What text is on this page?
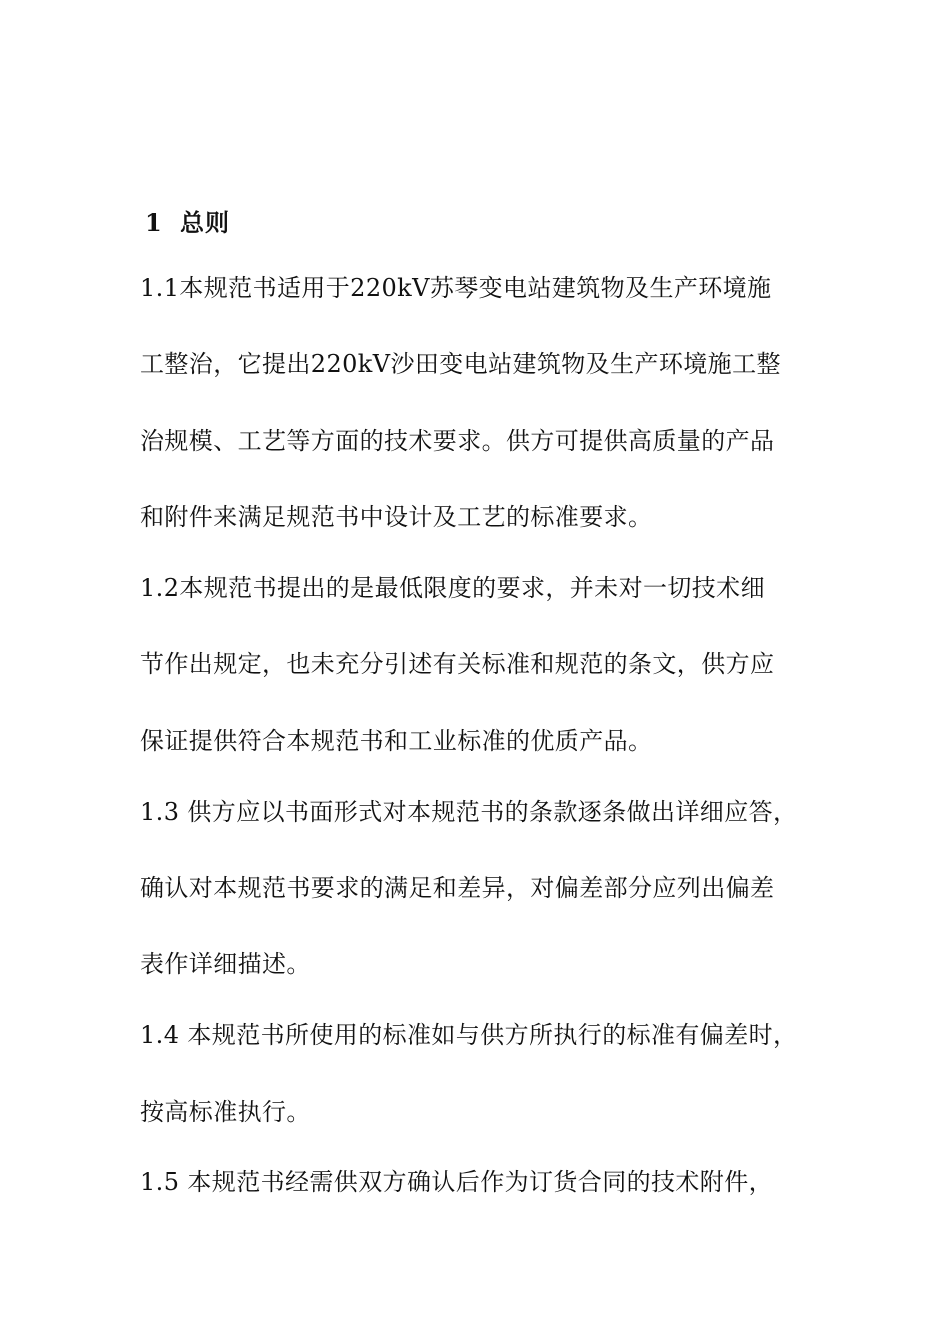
1 总则
1.1本规范书适用于220kV苏琴变电站建筑物及生产环境施
工整治，它提出220kV沙田变电站建筑物及生产环境施工整
治规模、工艺等方面的技术要求。供方可提供高质量的产品
和附件来满足规范书中设计及工艺的标准要求。
1.2本规范书提出的是最低限度的要求，并未对一切技术细
节作出规定，也未充分引述有关标准和规范的条文，供方应
保证提供符合本规范书和工业标准的优质产品。
1.3 供方应以书面形式对本规范书的条款逐条做出详细应答，
确认对本规范书要求的满足和差异，对偏差部分应列出偏差
表作详细描述。
1.4 本规范书所使用的标准如与供方所执行的标准有偏差时，
按高标准执行。
1.5 本规范书经需供双方确认后作为订货合同的技术附件，
